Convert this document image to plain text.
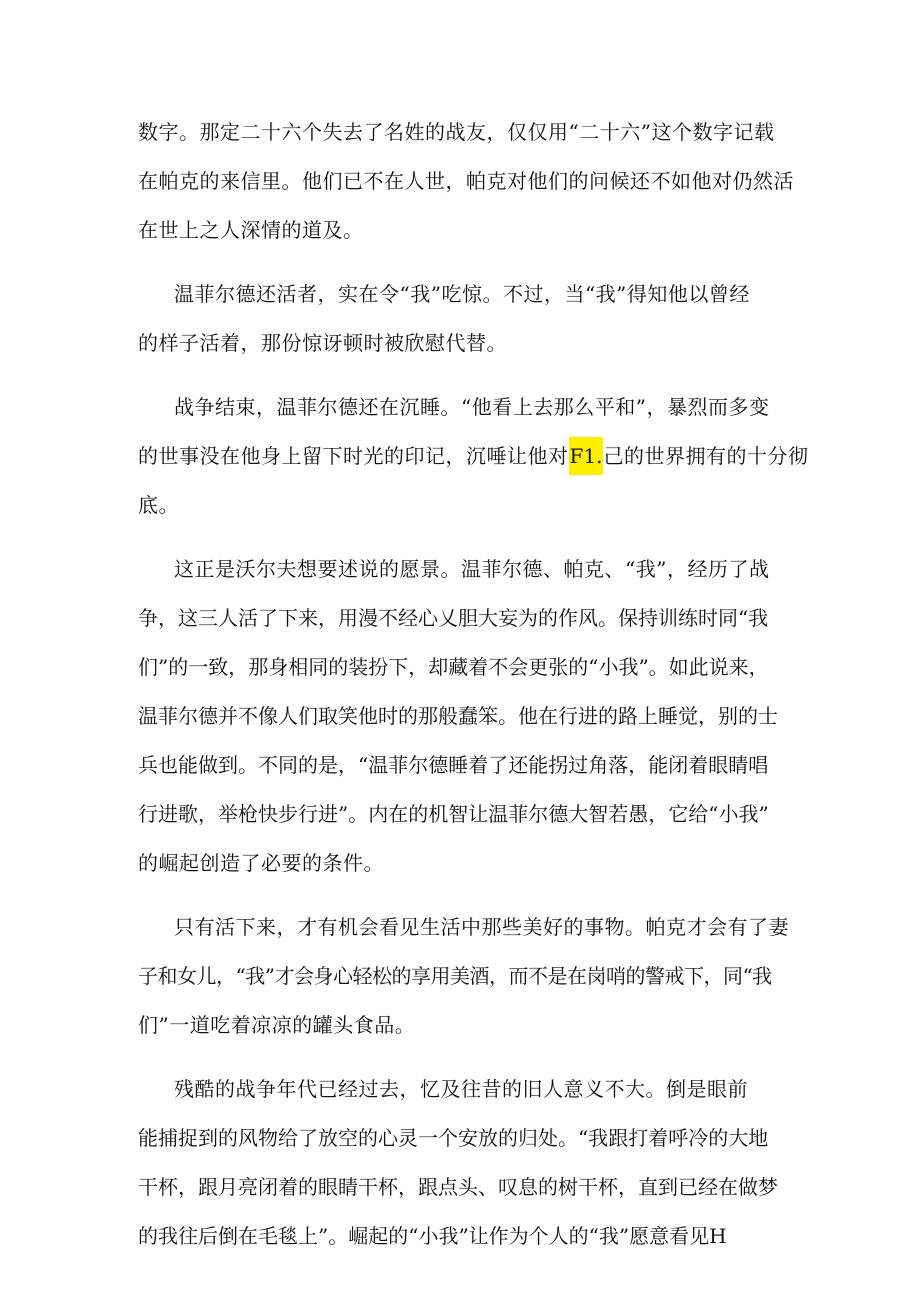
数字。那定二十六个失去了名姓的战友，仅仅用“二十六”这个数字记载
在帕克的来信里。他们已不在人世，帕克对他们的问候还不如他对仍然活
在世上之人深情的道及。
温菲尔德还活者，实在令“我”吃惊。不过，当“我”得知他以曾经
的样子活着，那份惊讶顿时被欣慰代替。
战争结束，温菲尔德还在沉睡。“他看上去那么平和”，暴烈而多变
的世事没在他身上留下时光的印记，沉唾让他对F1.己的世界拥有的十分彻
底。
这正是沃尔夫想要述说的愿景。温菲尔德、帕克、“我”，经历了战
争，这三人活了下来，用漫不经心乂胆大妄为的作风。保持训练时同“我
们”的一致，那身相同的装扮下，却藏着不会更张的“小我”。如此说来，
温菲尔德并不像人们取笑他时的那般蠢笨。他在行进的路上睡觉，别的士
兵也能做到。不同的是，“温菲尔德睡着了还能拐过角落，能闭着眼睛唱
行进歌，举枪快步行进”。内在的机智让温菲尔德大智若愚，它给“小我”
的崛起创造了必要的条件。
只有活下来，才有机会看见生活中那些美好的事物。帕克才会有了妻
子和女儿，“我”才会身心轻松的享用美酒，而不是在岗哨的警戒下，同“我
们”一道吃着凉凉的罐头食品。
残酷的战争年代已经过去，忆及往昔的旧人意义不大。倒是眼前
能捕捉到的风物给了放空的心灵一个安放的归处。“我跟打着呼冷的大地
干杯，跟月亮闭着的眼睛干杯，跟点头、叹息的树干杯，直到已经在做梦
的我往后倒在毛毯上”。崛起的“小我”让作为个人的“我”愿意看见H
